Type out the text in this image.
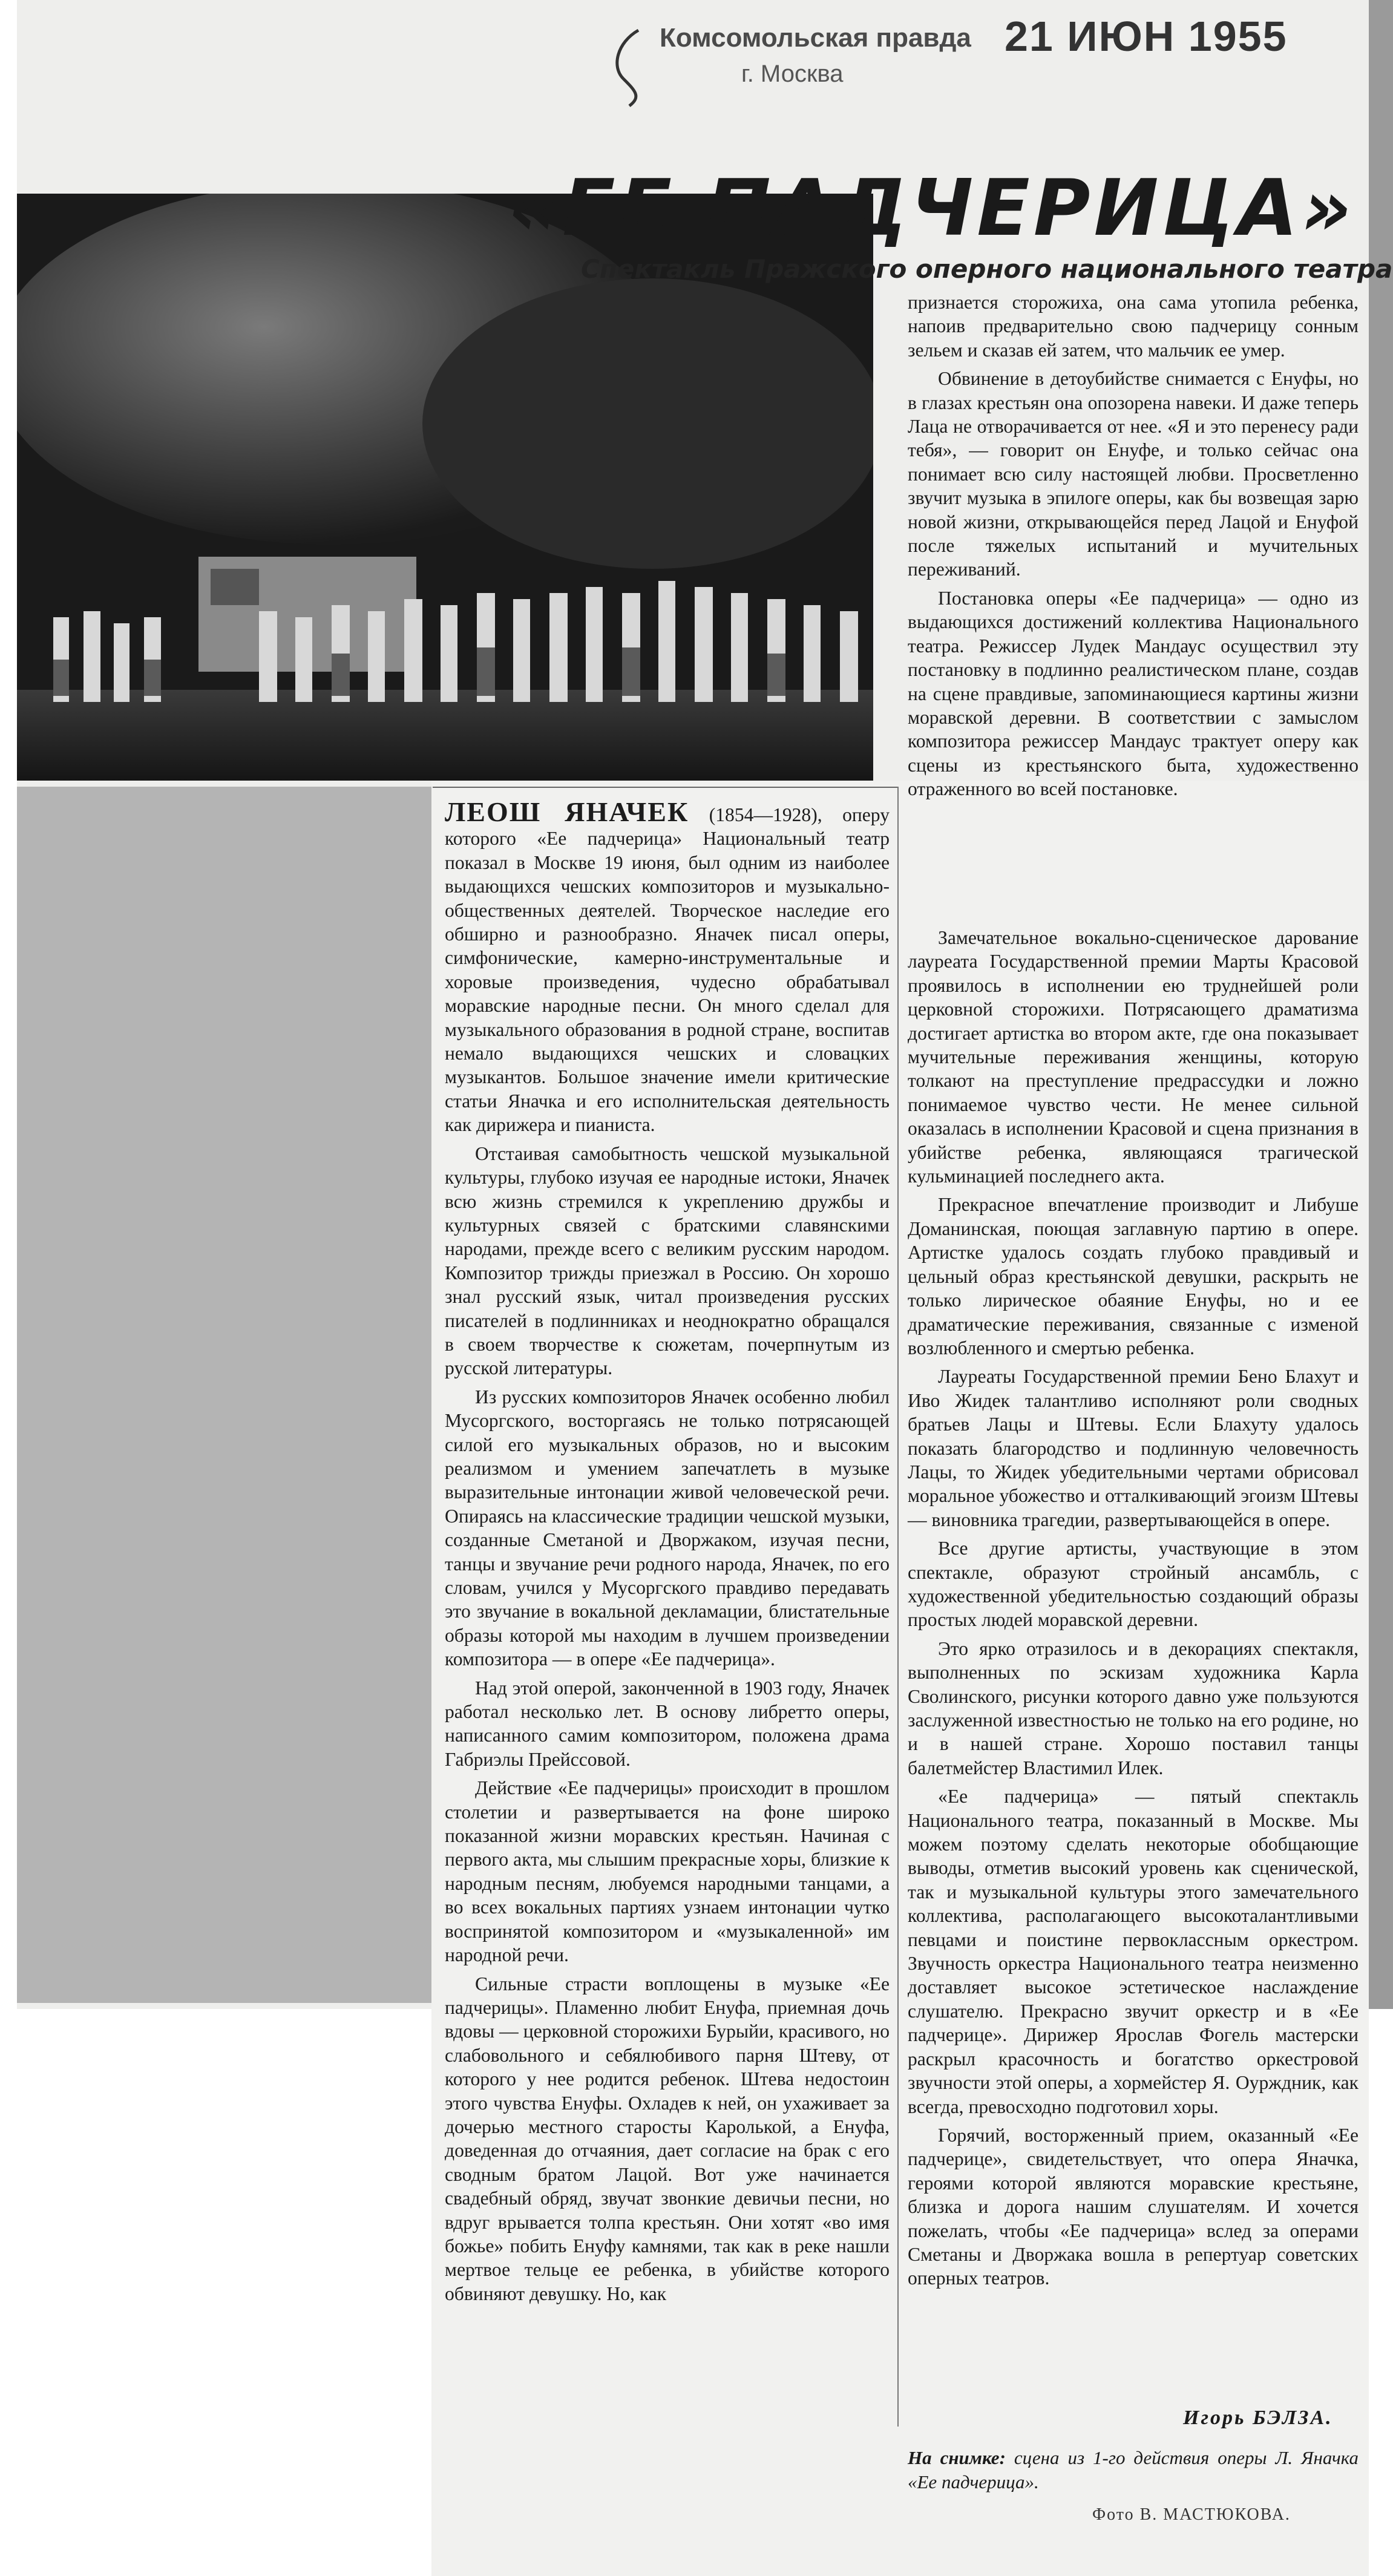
Комсомольская правда
г. Москва
21 ИЮН 1955
«ЕЕ ПАДЧЕРИЦА»
Спектакль Пражского оперного национального театра

признается сторожиха, она сама утопила ребенка, напоив предварительно свою падчерицу сонным зельем и сказав ей затем, что мальчик ее умер.

Обвинение в детоубийстве снимается с Енуфы, но в глазах крестьян она опозорена навеки. И даже теперь Лаца не отворачивается от нее. «Я и это перенесу ради тебя», — говорит он Енуфе, и только сейчас она понимает всю силу настоящей любви. Просветленно звучит музыка в эпилоге оперы, как бы возвещая зарю новой жизни, открывающейся перед Лацой и Енуфой после тяжелых испытаний и мучительных переживаний.

Постановка оперы «Ее падчерица» — одно из выдающихся достижений коллектива Национального театра. Режиссер Лудек Мандаус осуществил эту постановку в подлинно реалистическом плане, создав на сцене правдивые, запоминающиеся картины жизни моравской деревни. В соответствии с замыслом композитора режиссер Мандаус трактует оперу как сцены из крестьянского быта, художественно отраженного во всей постановке.

ЛЕОШ ЯНАЧЕК (1854—1928), оперу которого «Ее падчерица» Национальный театр показал в Москве 19 июня, был одним из наиболее выдающихся чешских композиторов и музыкально-общественных деятелей. Творческое наследие его обширно и разнообразно. Яначек писал оперы, симфонические, камерно-инструментальные и хоровые произведения, чудесно обрабатывал моравские народные песни. Он много сделал для музыкального образования в родной стране, воспитав немало выдающихся чешских и словацких музыкантов. Большое значение имели критические статьи Яначка и его исполнительская деятельность как дирижера и пианиста.

Отстаивая самобытность чешской музыкальной культуры, глубоко изучая ее народные истоки, Яначек всю жизнь стремился к укреплению дружбы и культурных связей с братскими славянскими народами, прежде всего с великим русским народом. Композитор трижды приезжал в Россию. Он хорошо знал русский язык, читал произведения русских писателей в подлинниках и неоднократно обращался в своем творчестве к сюжетам, почерпнутым из русской литературы.

Из русских композиторов Яначек особенно любил Мусоргского, восторгаясь не только потрясающей силой его музыкальных образов, но и высоким реализмом и умением запечатлеть в музыке выразительные интонации живой человеческой речи. Опираясь на классические традиции чешской музыки, созданные Сметаной и Дворжаком, изучая песни, танцы и звучание речи родного народа, Яначек, по его словам, учился у Мусоргского правдиво передавать это звучание в вокальной декламации, блистательные образы которой мы находим в лучшем произведении композитора — в опере «Ее падчерица».

Над этой оперой, законченной в 1903 году, Яначек работал несколько лет. В основу либретто оперы, написанного самим композитором, положена драма Габриэлы Прейссовой.

Действие «Ее падчерицы» происходит в прошлом столетии и развертывается на фоне широко показанной жизни моравских крестьян. Начиная с первого акта, мы слышим прекрасные хоры, близкие к народным песням, любуемся народными танцами, а во всех вокальных партиях узнаем интонации чутко воспринятой композитором и «музыкаленной» им народной речи.

Сильные страсти воплощены в музыке «Ее падчерицы». Пламенно любит Енуфа, приемная дочь вдовы — церковной сторожихи Бурыйи, красивого, но слабовольного и себялюбивого парня Штеву, от которого у нее родится ребенок. Штева недостоин этого чувства Енуфы. Охладев к ней, он ухаживает за дочерью местного старосты Каролькой, а Енуфа, доведенная до отчаяния, дает согласие на брак с его сводным братом Лацой. Вот уже начинается свадебный обряд, звучат звонкие девичьи песни, но вдруг врывается толпа крестьян. Они хотят «во имя божье» побить Енуфу камнями, так как в реке нашли мертвое тельце ее ребенка, в убийстве которого обвиняют девушку. Но, как

Замечательное вокально-сценическое дарование лауреата Государственной премии Марты Красовой проявилось в исполнении ею труднейшей роли церковной сторожихи. Потрясающего драматизма достигает артистка во втором акте, где она показывает мучительные переживания женщины, которую толкают на преступление предрассудки и ложно понимаемое чувство чести. Не менее сильной оказалась в исполнении Красовой и сцена признания в убийстве ребенка, являющаяся трагической кульминацией последнего акта.

Прекрасное впечатление производит и Либуше Доманинская, поющая заглавную партию в опере. Артистке удалось создать глубоко правдивый и цельный образ крестьянской девушки, раскрыть не только лирическое обаяние Енуфы, но и ее драматические переживания, связанные с изменой возлюбленного и смертью ребенка.

Лауреаты Государственной премии Бено Блахут и Иво Жидек талантливо исполняют роли сводных братьев Лацы и Штевы. Если Блахуту удалось показать благородство и подлинную человечность Лацы, то Жидек убедительными чертами обрисовал моральное убожество и отталкивающий эгоизм Штевы — виновника трагедии, развертывающейся в опере.

Все другие артисты, участвующие в этом спектакле, образуют стройный ансамбль, с художественной убедительностью создающий образы простых людей моравской деревни.

Это ярко отразилось и в декорациях спектакля, выполненных по эскизам художника Карла Сволинского, рисунки которого давно уже пользуются заслуженной известностью не только на его родине, но и в нашей стране. Хорошо поставил танцы балетмейстер Властимил Илек.

«Ее падчерица» — пятый спектакль Национального театра, показанный в Москве. Мы можем поэтому сделать некоторые обобщающие выводы, отметив высокий уровень как сценической, так и музыкальной культуры этого замечательного коллектива, располагающего высокоталантливыми певцами и поистине первоклассным оркестром. Звучность оркестра Национального театра неизменно доставляет высокое эстетическое наслаждение слушателю. Прекрасно звучит оркестр и в «Ее падчерице». Дирижер Ярослав Фогель мастерски раскрыл красочность и богатство оркестровой звучности этой оперы, а хормейстер Я. Оурждник, как всегда, превосходно подготовил хоры.

Горячий, восторженный прием, оказанный «Ее падчерице», свидетельствует, что опера Яначка, героями которой являются моравские крестьяне, близка и дорога нашим слушателям. И хочется пожелать, чтобы «Ее падчерица» вслед за операми Сметаны и Дворжака вошла в репертуар советских оперных театров.

Игорь БЭЛЗА.
На снимке: сцена из 1-го действия оперы Л. Яначка «Ее падчерица».
Фото В. МАСТЮКОВА.
